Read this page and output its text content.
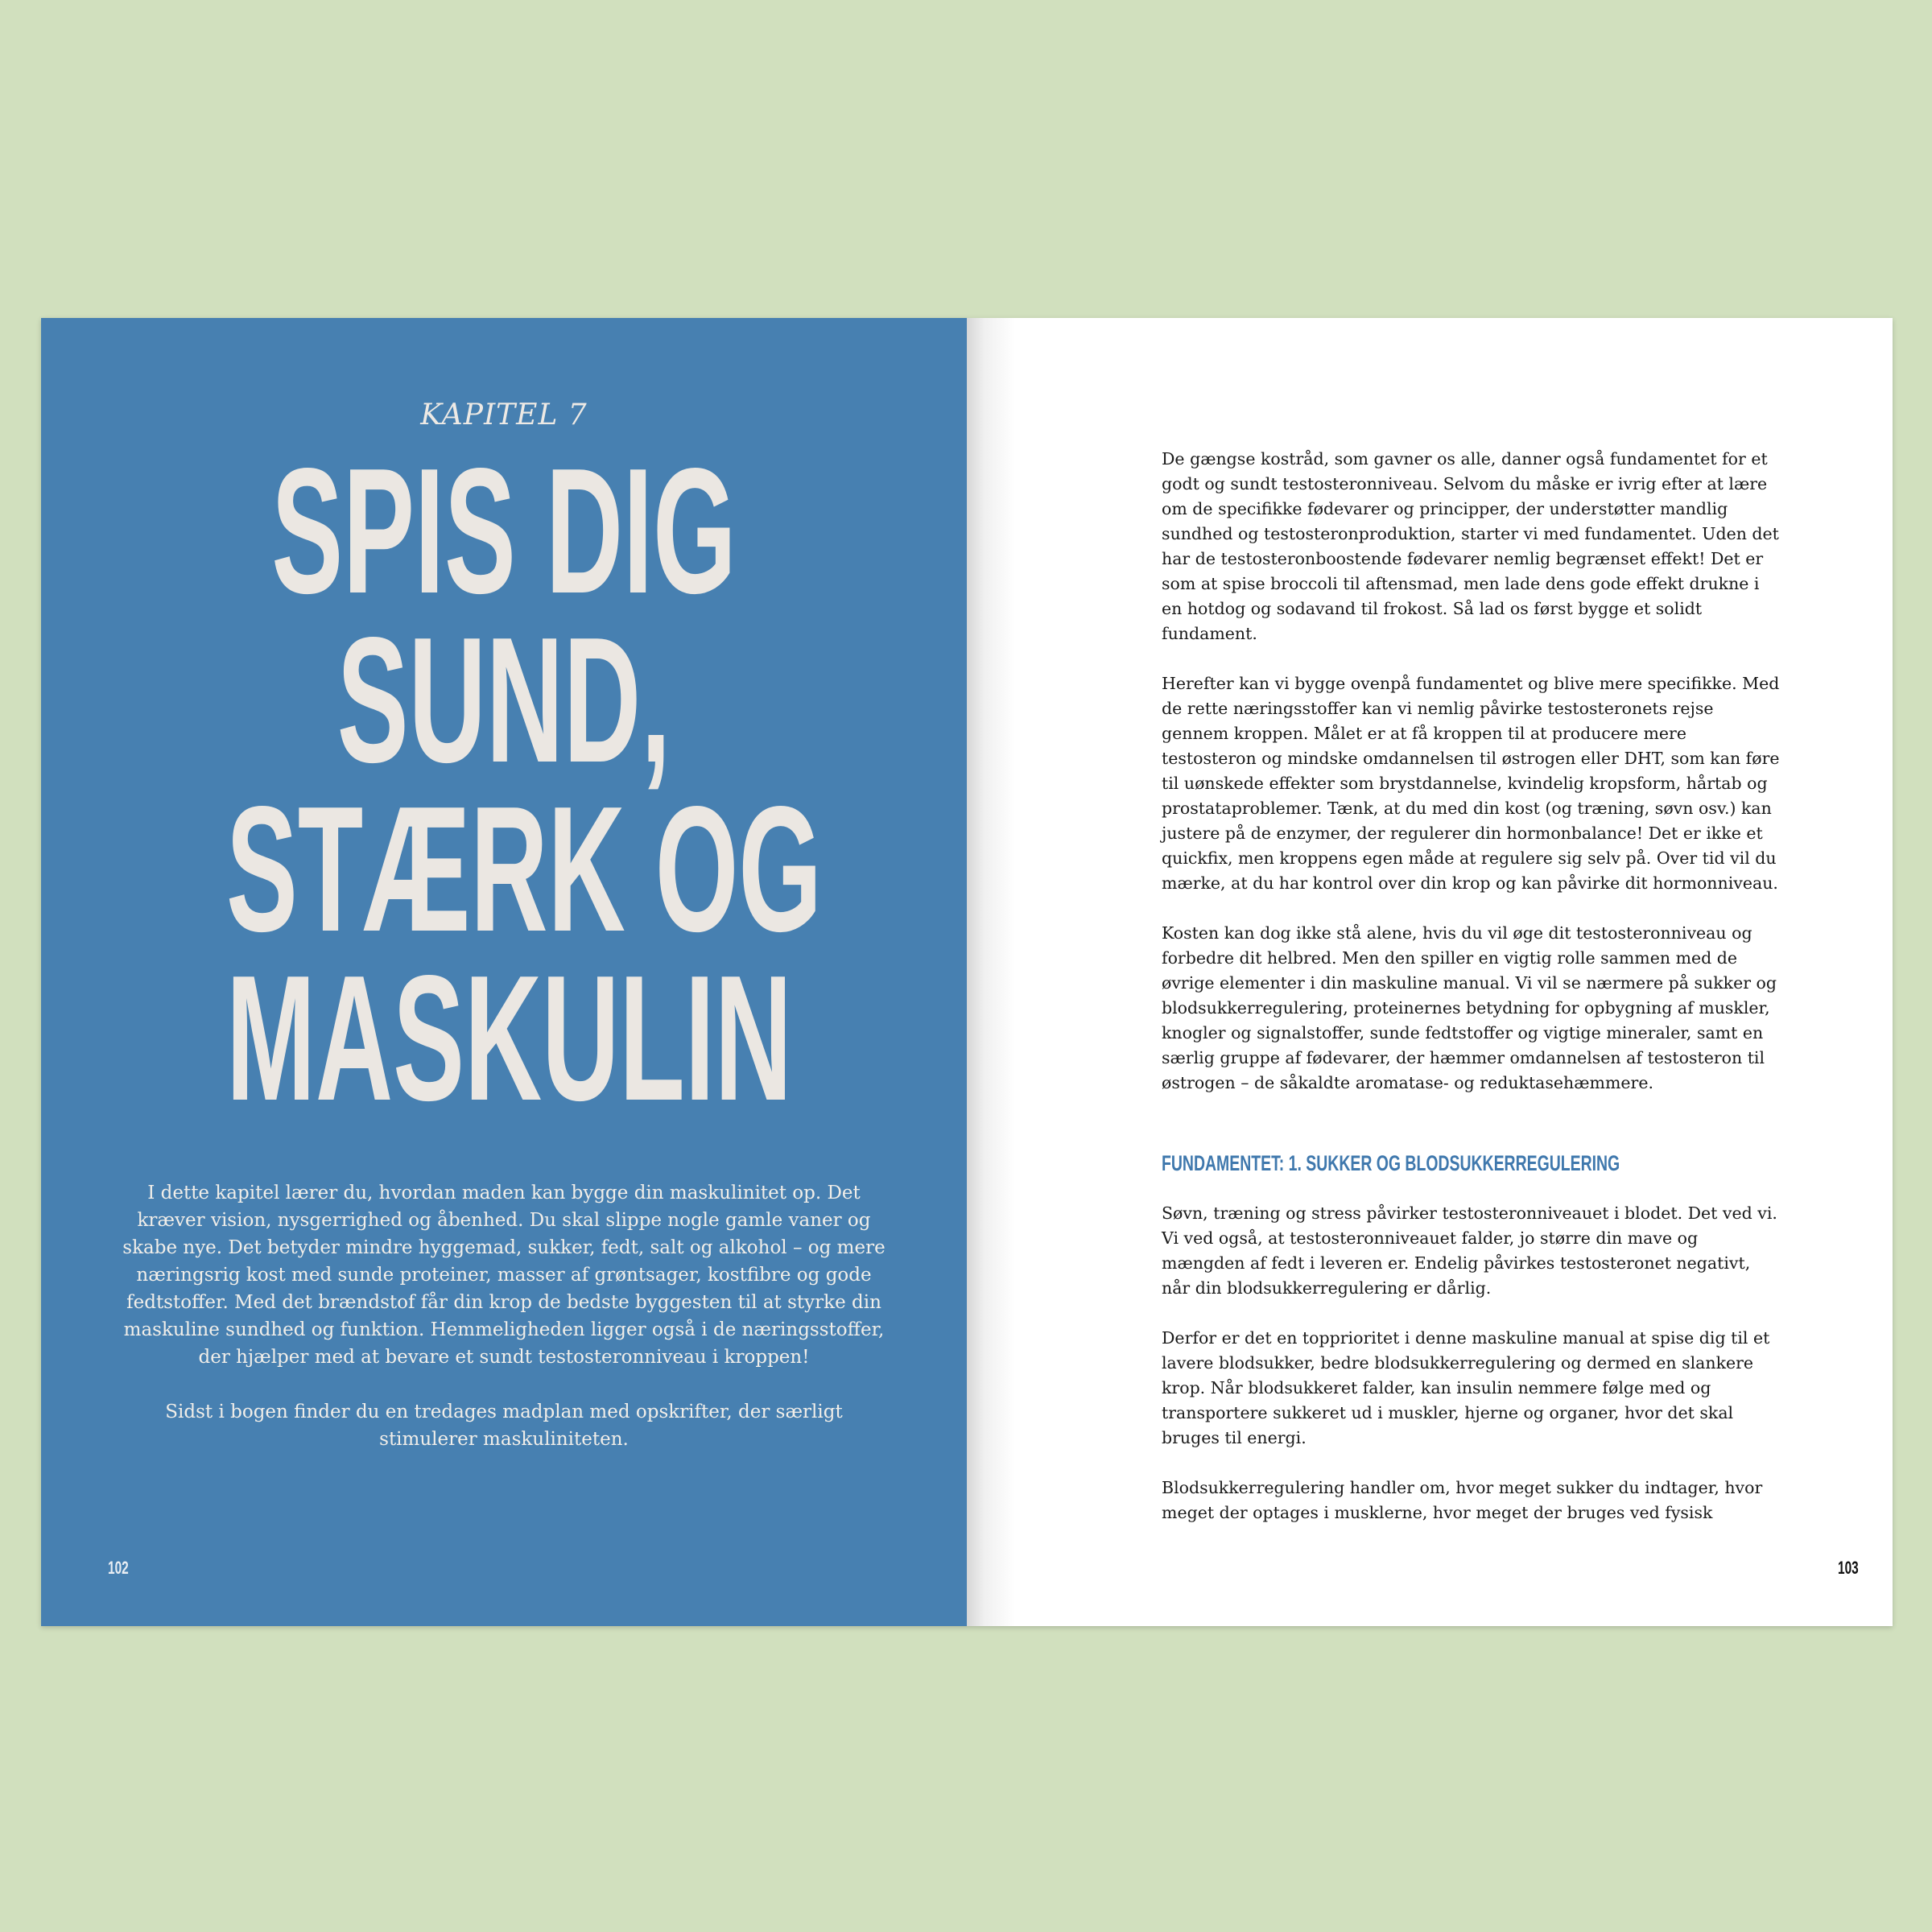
KAPITEL 7
SPIS DIG
SUND,
STÆRK OG
MASKULIN

I dette kapitel lærer du, hvordan maden kan bygge din maskulinitet op. Det kræver vision, nysgerrighed og åbenhed. Du skal slippe nogle gamle vaner og skabe nye. Det betyder mindre hyggemad, sukker, fedt, salt og alkohol – og mere næringsrig kost med sunde proteiner, masser af grøntsager, kostfibre og gode fedtstoffer. Med det brændstof får din krop de bedste byggesten til at styrke din maskuline sundhed og funktion. Hemmeligheden ligger også i de næringsstoffer, der hjælper med at bevare et sundt testosteronniveau i kroppen!

Sidst i bogen finder du en tredages madplan med opskrifter, der særligt stimulerer maskuliniteten.

102

De gængse kostråd, som gavner os alle, danner også fundamentet for et godt og sundt testosteronniveau. Selvom du måske er ivrig efter at lære om de specifikke fødevarer og principper, der understøtter mandlig sundhed og testosteronproduktion, starter vi med fundamentet. Uden det har de testosteronboostende fødevarer nemlig begrænset effekt! Det er som at spise broccoli til aftensmad, men lade dens gode effekt drukne i en hotdog og sodavand til frokost. Så lad os først bygge et solidt fundament.

Herefter kan vi bygge ovenpå fundamentet og blive mere specifikke. Med de rette næringsstoffer kan vi nemlig påvirke testosteronets rejse gennem kroppen. Målet er at få kroppen til at producere mere testosteron og mindske omdannelsen til østrogen eller DHT, som kan føre til uønskede effekter som brystdannelse, kvindelig kropsform, hårtab og prostataproblemer. Tænk, at du med din kost (og træning, søvn osv.) kan justere på de enzymer, der regulerer din hormonbalance! Det er ikke et quickfix, men kroppens egen måde at regulere sig selv på. Over tid vil du mærke, at du har kontrol over din krop og kan påvirke dit hormonniveau.

Kosten kan dog ikke stå alene, hvis du vil øge dit testosteronniveau og forbedre dit helbred. Men den spiller en vigtig rolle sammen med de øvrige elementer i din maskuline manual. Vi vil se nærmere på sukker og blodsukkerregulering, proteinernes betydning for opbygning af muskler, knogler og signalstoffer, sunde fedtstoffer og vigtige mineraler, samt en særlig gruppe af fødevarer, der hæmmer omdannelsen af testosteron til østrogen – de såkaldte aromatase- og reduktasehæmmere.

FUNDAMENTET: 1. SUKKER OG BLODSUKKERREGULERING

Søvn, træning og stress påvirker testosteronniveauet i blodet. Det ved vi. Vi ved også, at testosteronniveauet falder, jo større din mave og mængden af fedt i leveren er. Endelig påvirkes testosteronet negativt, når din blodsukkerregulering er dårlig.

Derfor er det en topprioritet i denne maskuline manual at spise dig til et lavere blodsukker, bedre blodsukkerregulering og dermed en slankere krop. Når blodsukkeret falder, kan insulin nemmere følge med og transportere sukkeret ud i muskler, hjerne og organer, hvor det skal bruges til energi.

Blodsukkerregulering handler om, hvor meget sukker du indtager, hvor meget der optages i musklerne, hvor meget der bruges ved fysisk

103
